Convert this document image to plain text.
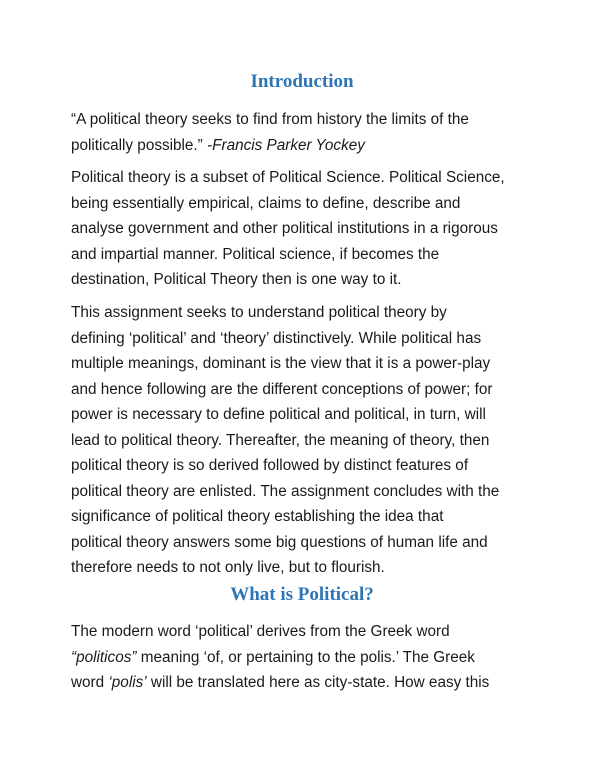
Introduction

“A political theory seeks to find from history the limits of the
politically possible.” -Francis Parker Yockey

Political theory is a subset of Political Science. Political Science,
being essentially empirical, claims to define, describe and
analyse government and other political institutions in a rigorous
and impartial manner. Political science, if becomes the
destination, Political Theory then is one way to it.

This assignment seeks to understand political theory by
defining ‘political’ and ‘theory’ distinctively. While political has
multiple meanings, dominant is the view that it is a power-play
and hence following are the different conceptions of power; for
power is necessary to define political and political, in turn, will
lead to political theory. Thereafter, the meaning of theory, then
political theory is so derived followed by distinct features of
political theory are enlisted. The assignment concludes with the
significance of political theory establishing the idea that
political theory answers some big questions of human life and
therefore needs to not only live, but to flourish.

What is Political?

The modern word ‘political’ derives from the Greek word
“politicos” meaning ‘of, or pertaining to the polis.’ The Greek
word ‘polis’ will be translated here as city-state. How easy this
